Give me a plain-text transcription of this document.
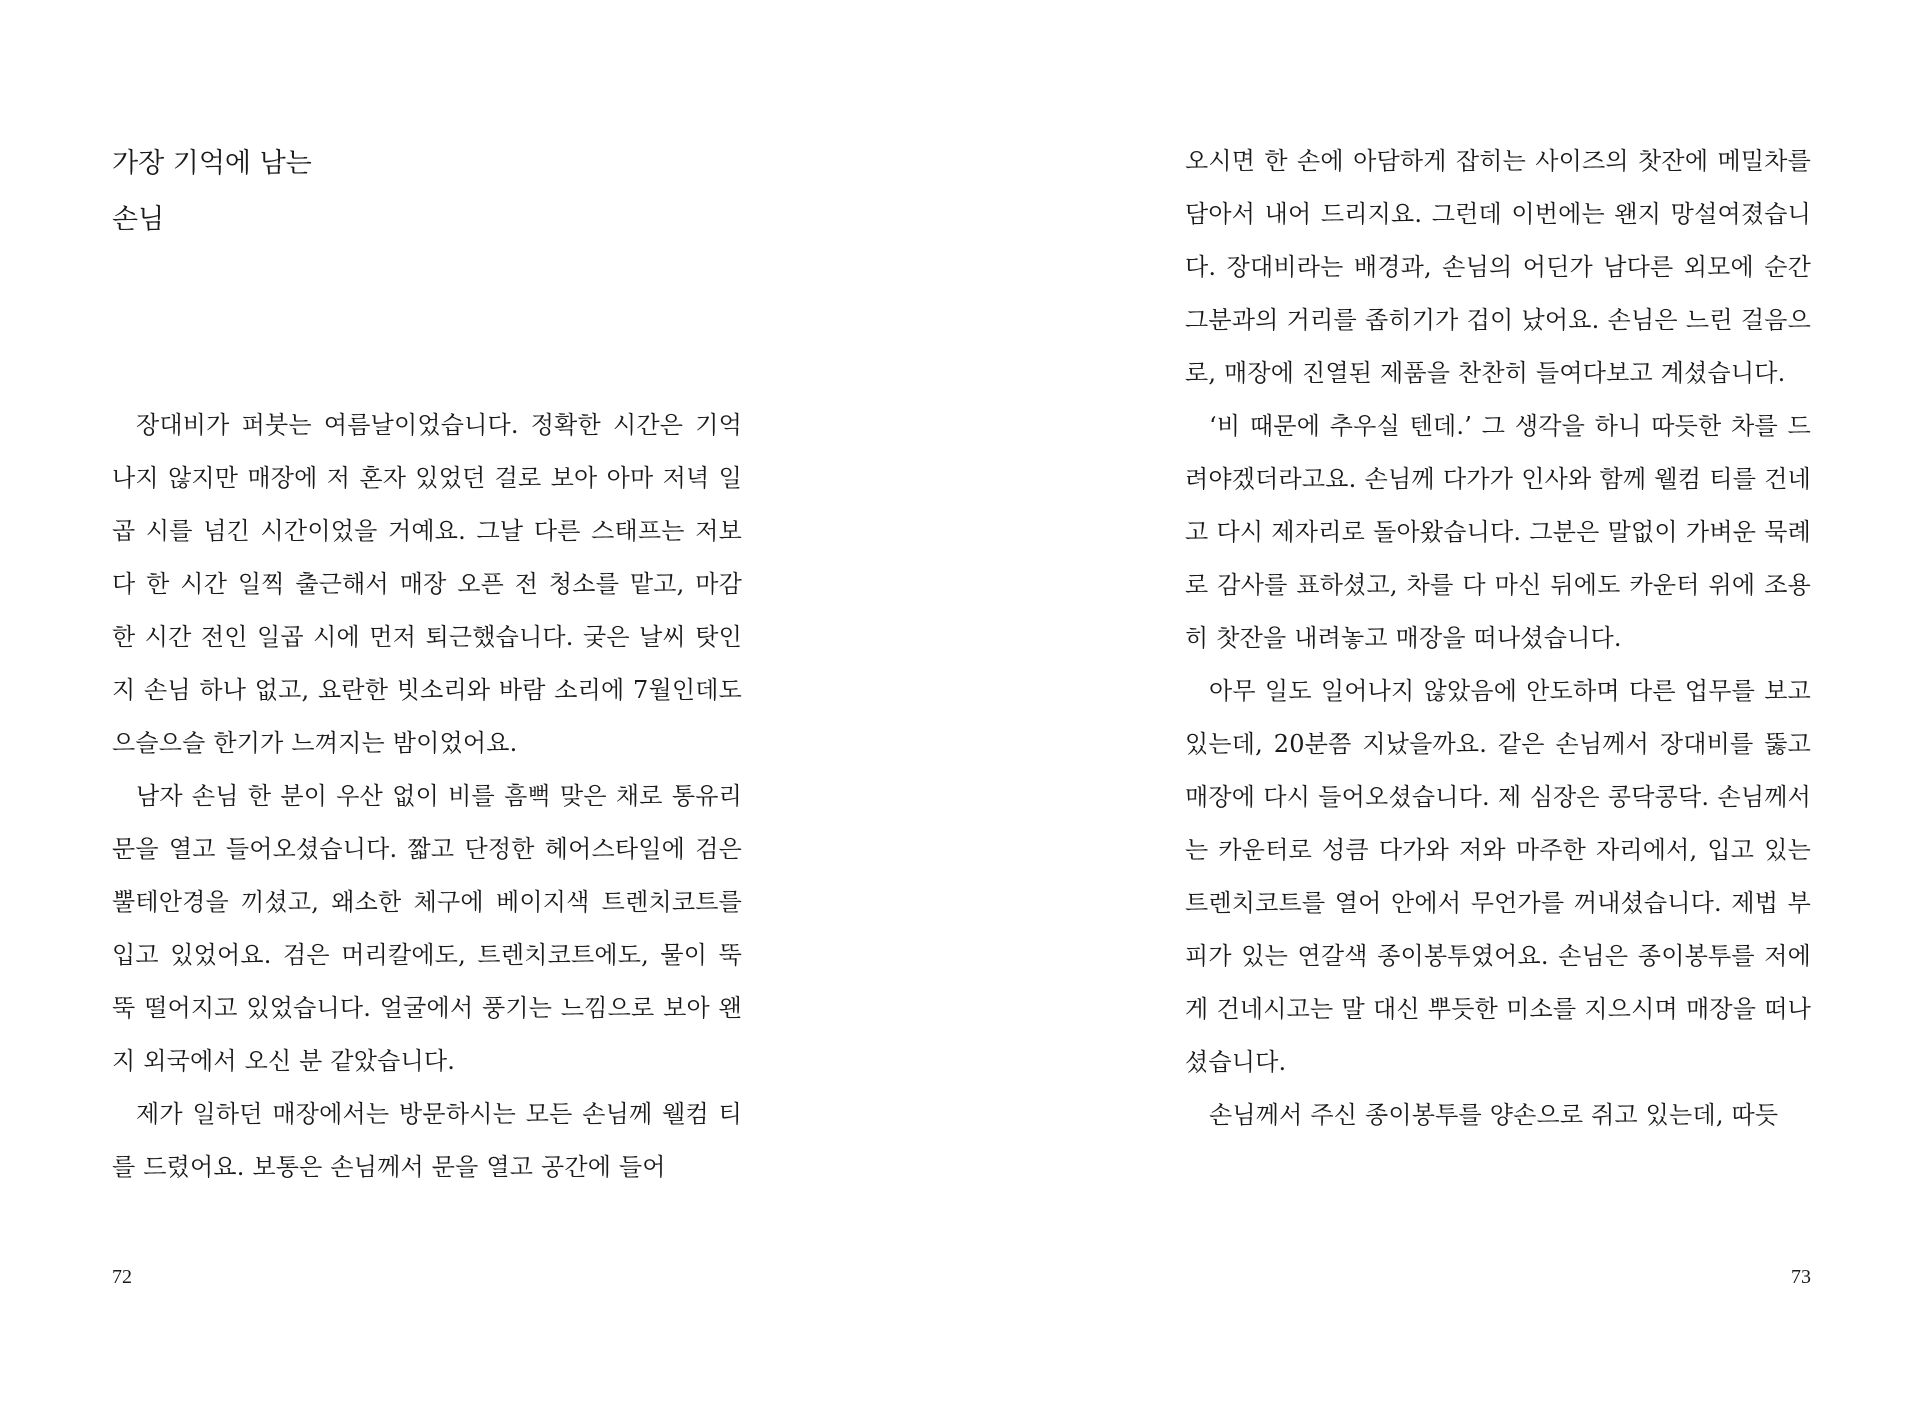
가장 기억에 남는
손님

장대비가 퍼붓는 여름날이었습니다. 정확한 시간은 기억나지 않지만 매장에 저 혼자 있었던 걸로 보아 아마 저녁 일곱 시를 넘긴 시간이었을 거예요. 그날 다른 스태프는 저보다 한 시간 일찍 출근해서 매장 오픈 전 청소를 맡고, 마감 한 시간 전인 일곱 시에 먼저 퇴근했습니다. 궂은 날씨 탓인지 손님 하나 없고, 요란한 빗소리와 바람 소리에 7월인데도 으슬으슬 한기가 느껴지는 밤이었어요.

남자 손님 한 분이 우산 없이 비를 흠뻑 맞은 채로 통유리문을 열고 들어오셨습니다. 짧고 단정한 헤어스타일에 검은 뿔테안경을 끼셨고, 왜소한 체구에 베이지색 트렌치코트를 입고 있었어요. 검은 머리칼에도, 트렌치코트에도, 물이 뚝뚝 떨어지고 있었습니다. 얼굴에서 풍기는 느낌으로 보아 왠지 외국에서 오신 분 같았습니다.

제가 일하던 매장에서는 방문하시는 모든 손님께 웰컴 티를 드렸어요. 보통은 손님께서 문을 열고 공간에 들어

72

오시면 한 손에 아담하게 잡히는 사이즈의 찻잔에 메밀차를 담아서 내어 드리지요. 그런데 이번에는 왠지 망설여졌습니다. 장대비라는 배경과, 손님의 어딘가 남다른 외모에 순간 그분과의 거리를 좁히기가 겁이 났어요. 손님은 느린 걸음으로, 매장에 진열된 제품을 찬찬히 들여다보고 계셨습니다.

‘비 때문에 추우실 텐데.’ 그 생각을 하니 따듯한 차를 드려야겠더라고요. 손님께 다가가 인사와 함께 웰컴 티를 건네고 다시 제자리로 돌아왔습니다. 그분은 말없이 가벼운 묵례로 감사를 표하셨고, 차를 다 마신 뒤에도 카운터 위에 조용히 찻잔을 내려놓고 매장을 떠나셨습니다.

아무 일도 일어나지 않았음에 안도하며 다른 업무를 보고 있는데, 20분쯤 지났을까요. 같은 손님께서 장대비를 뚫고 매장에 다시 들어오셨습니다. 제 심장은 콩닥콩닥. 손님께서는 카운터로 성큼 다가와 저와 마주한 자리에서, 입고 있는 트렌치코트를 열어 안에서 무언가를 꺼내셨습니다. 제법 부피가 있는 연갈색 종이봉투였어요. 손님은 종이봉투를 저에게 건네시고는 말 대신 뿌듯한 미소를 지으시며 매장을 떠나셨습니다.

손님께서 주신 종이봉투를 양손으로 쥐고 있는데, 따듯

73
